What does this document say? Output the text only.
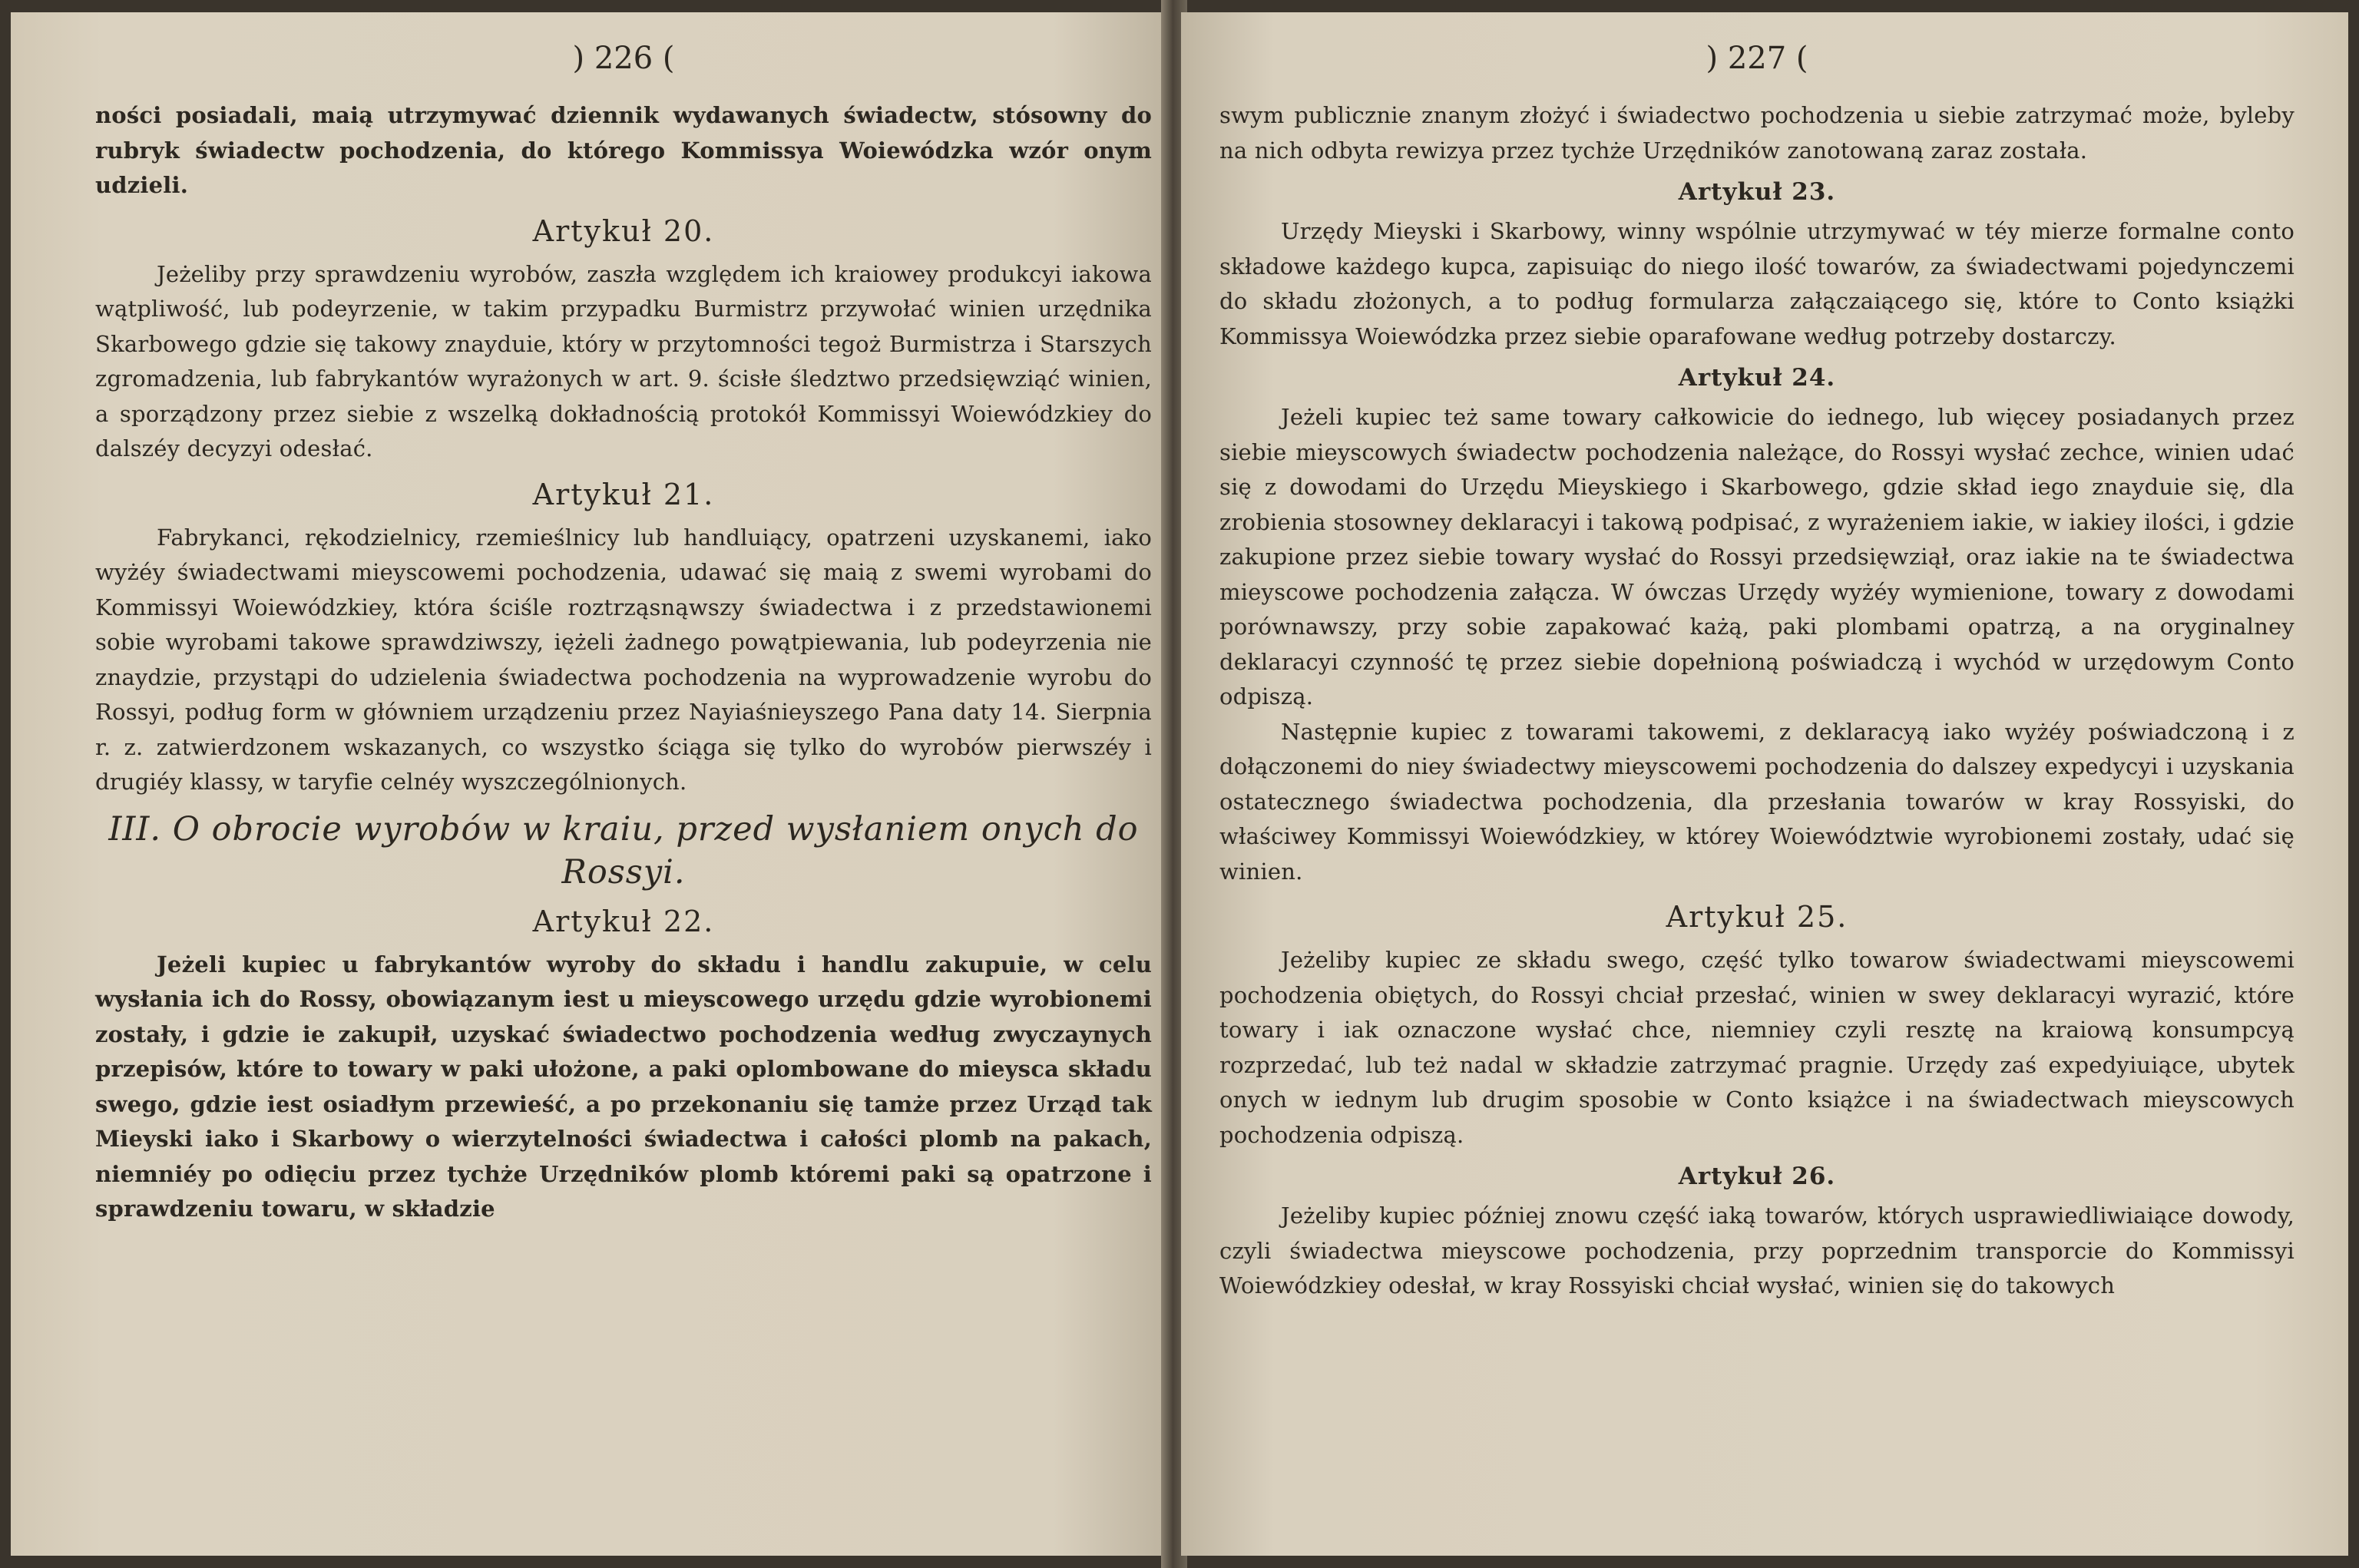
) 226 (

ności posiadali, maią utrzymywać dziennik wydawanych świadectw, stósowny do rubryk świadectw pochodzenia, do którego Kommissya Woiewódzka wzór onym udzieli.

Artykuł 20.

Jeżeliby przy sprawdzeniu wyrobów, zaszła względem ich kraiowey produkcyi iakowa wątpliwość, lub podeyrzenie, w takim przypadku Burmistrz przywołać winien urzędnika Skarbowego gdzie się takowy znayduie, który w przytomności tegoż Burmistrza i Starszych zgromadzenia, lub fabrykantów wyrażonych w art. 9. ścisłe śledztwo przedsięwziąć winien, a sporządzony przez siebie z wszelką dokładnością protokół Kommissyi Woiewódzkiey do dalszéy decyzyi odesłać.

Artykuł 21.

Fabrykanci, rękodzielnicy, rzemieślnicy lub handluiący, opatrzeni uzyskanemi, iako wyżéy świadectwami mieyscowemi pochodzenia, udawać się maią z swemi wyrobami do Kommissyi Woiewódzkiey, która ściśle roztrząsnąwszy świadectwa i z przedstawionemi sobie wyrobami takowe sprawdziwszy, iężeli żadnego powątpiewania, lub podeyrzenia nie znaydzie, przystąpi do udzielenia świadectwa pochodzenia na wyprowadzenie wyrobu do Rossyi, podług form w główniem urządzeniu przez Nayiaśnieyszego Pana daty 14. Sierpnia r. z. zatwierdzonem wskazanych, co wszystko ściąga się tylko do wyrobów pierwszéy i drugiéy klassy, w taryfie celnéy wyszczególnionych.

III. O obrocie wyrobów w kraiu, przed wysłaniem onych do Rossyi.
Artykuł 22.

Jeżeli kupiec u fabrykantów wyroby do składu i handlu zakupuie, w celu wysłania ich do Rossy, obowiązanym iest u mieyscowego urzędu gdzie wyrobionemi zostały, i gdzie ie zakupił, uzyskać świadectwo pochodzenia według zwyczaynych przepisów, które to towary w paki ułożone, a paki oplombowane do mieysca składu swego, gdzie iest osiadłym przewieść, a po przekonaniu się tamże przez Urząd tak Mieyski iako i Skarbowy o wierzytelności świadectwa i całości plomb na pakach, niemniéy po odięciu przez tychże Urzędników plomb któremi paki są opatrzone i sprawdzeniu towaru, w składzie

) 227 (

swym publicznie znanym złożyć i świadectwo pochodzenia u siebie zatrzymać może, byleby na nich odbyta rewizya przez tychże Urzędników zanotowaną zaraz została.

Artykuł 23.

Urzędy Mieyski i Skarbowy, winny wspólnie utrzymywać w téy mierze formalne conto składowe każdego kupca, zapisuiąc do niego ilość towarów, za świadectwami pojedynczemi do składu złożonych, a to podług formularza załączaiącego się, które to Conto książki Kommissya Woiewódzka przez siebie oparafowane według potrzeby dostarczy.

Artykuł 24.

Jeżeli kupiec też same towary całkowicie do iednego, lub więcey posiadanych przez siebie mieyscowych świadectw pochodzenia należące, do Rossyi wysłać zechce, winien udać się z dowodami do Urzędu Mieyskiego i Skarbowego, gdzie skład iego znayduie się, dla zrobienia stosowney deklaracyi i takową podpisać, z wyrażeniem iakie, w iakiey ilości, i gdzie zakupione przez siebie towary wysłać do Rossyi przedsięwziął, oraz iakie na te świadectwa mieyscowe pochodzenia załącza. W ówczas Urzędy wyżéy wymienione, towary z dowodami porównawszy, przy sobie zapakować każą, paki plombami opatrzą, a na oryginalney deklaracyi czynność tę przez siebie dopełnioną poświadczą i wychód w urzędowym Conto odpiszą.

Następnie kupiec z towarami takowemi, z deklaracyą iako wyżéy poświadczoną i z dołączonemi do niey świadectwy mieyscowemi pochodzenia do dalszey expedycyi i uzyskania ostatecznego świadectwa pochodzenia, dla przesłania towarów w kray Rossyiski, do właściwey Kommissyi Woiewódzkiey, w którey Woiewództwie wyrobionemi zostały, udać się winien.

Artykuł 25.

Jeżeliby kupiec ze składu swego, część tylko towarow świadectwami mieyscowemi pochodzenia obiętych, do Rossyi chciał przesłać, winien w swey deklaracyi wyrazić, które towary i iak oznaczone wysłać chce, niemniey czyli resztę na kraiową konsumpcyą rozprzedać, lub też nadal w składzie zatrzymać pragnie. Urzędy zaś expedyiuiące, ubytek onych w iednym lub drugim sposobie w Conto książce i na świadectwach mieyscowych pochodzenia odpiszą.

Artykuł 26.

Jeżeliby kupiec później znowu część iaką towarów, których usprawiedliwiaiące dowody, czyli świadectwa mieyscowe pochodzenia, przy poprzednim transporcie do Kommissyi Woiewódzkiey odesłał, w kray Rossyiski chciał wysłać, winien się do takowych
